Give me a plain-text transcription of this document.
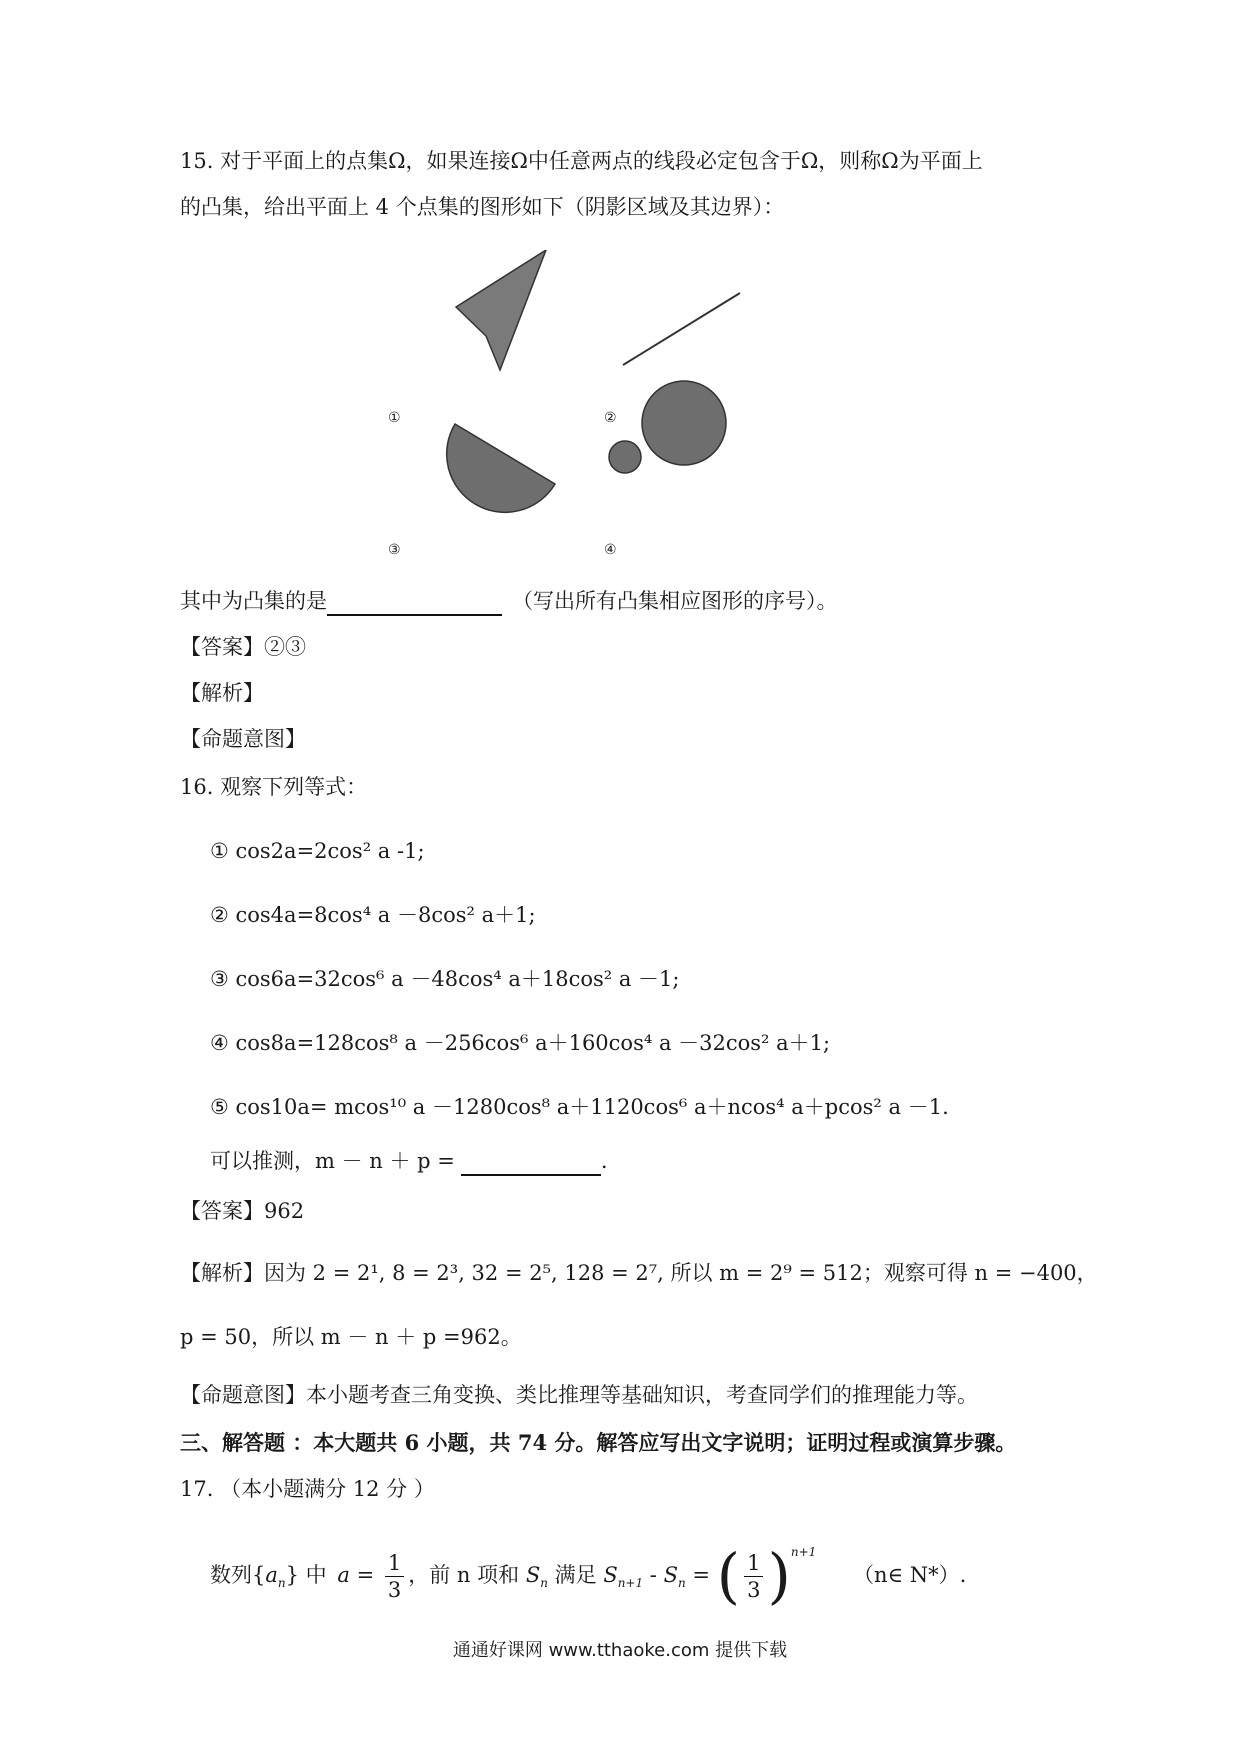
15. 对于平面上的点集Ω，如果连接Ω中任意两点的线段必定包含于Ω，则称Ω为平面上
的凸集，给出平面上 4 个点集的图形如下（阴影区域及其边界）：
①	②
③	④
其中为凸集的是	（写出所有凸集相应图形的序号）。
【答案】②③
【解析】
【命题意图】
16. 观察下列等式：
① cos2a=2cos² a -1;
② cos4a=8cos⁴ a －8cos² a＋1;
③ cos6a=32cos⁶ a －48cos⁴ a＋18cos² a －1;
④ cos8a=128cos⁸ a －256cos⁶ a＋160cos⁴ a －32cos² a＋1;
⑤ cos10a= mcos¹⁰ a －1280cos⁸ a＋1120cos⁶ a＋ncos⁴ a＋pcos² a －1.
可以推测，m － n ＋ p =	.
【答案】962
【解析】因为 2 = 2¹, 8 = 2³, 32 = 2⁵, 128 = 2⁷, 所以 m = 2⁹ = 512；观察可得 n = −400，
p = 50，所以 m － n ＋ p =962。
【命题意图】本小题考查三角变换、类比推理等基础知识，考查同学们的推理能力等。
三、解答题 ：本大题共 6 小题，共 74 分。解答应写出文字说明；证明过程或演算步骤。
17. （本小题满分 12 分 ）
数列$\{a_n\}$ 中 $a = \frac{1}{3}$ ，前 n 项和 $S_n$ 满足 $S_{n+1} - S_n$ = ( $\frac{1}{3} )^{n+1}$ （n∈ N*）.
通通好课网 www.tthaoke.com 提供下载
